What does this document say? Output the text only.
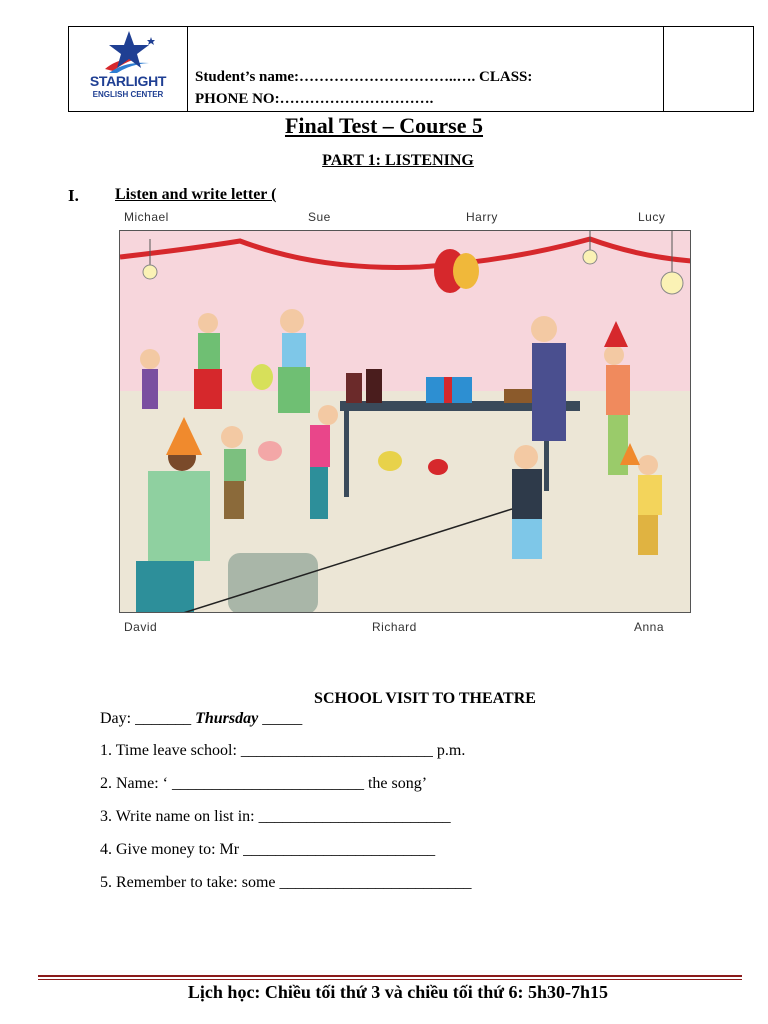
STARLIGHT
ENGLISH CENTER
Student’s name:…………………………..…. CLASS:
PHONE NO:………………………….
Final Test – Course 5
PART 1: LISTENING
I. Listen and write letter (
Michael	Sue	Harry	Lucy
David	Richard	Anna
SCHOOL VISIT TO THEATRE
Day: _______ Thursday _____
1. Time leave school: ________________________ p.m.
2. Name: ‘ ________________________ the song’
3. Write name on list in: ________________________
4. Give money to: Mr ________________________
5. Remember to take: some ________________________
Lịch học: Chiều tối thứ 3 và chiều tối thứ 6: 5h30-7h15
